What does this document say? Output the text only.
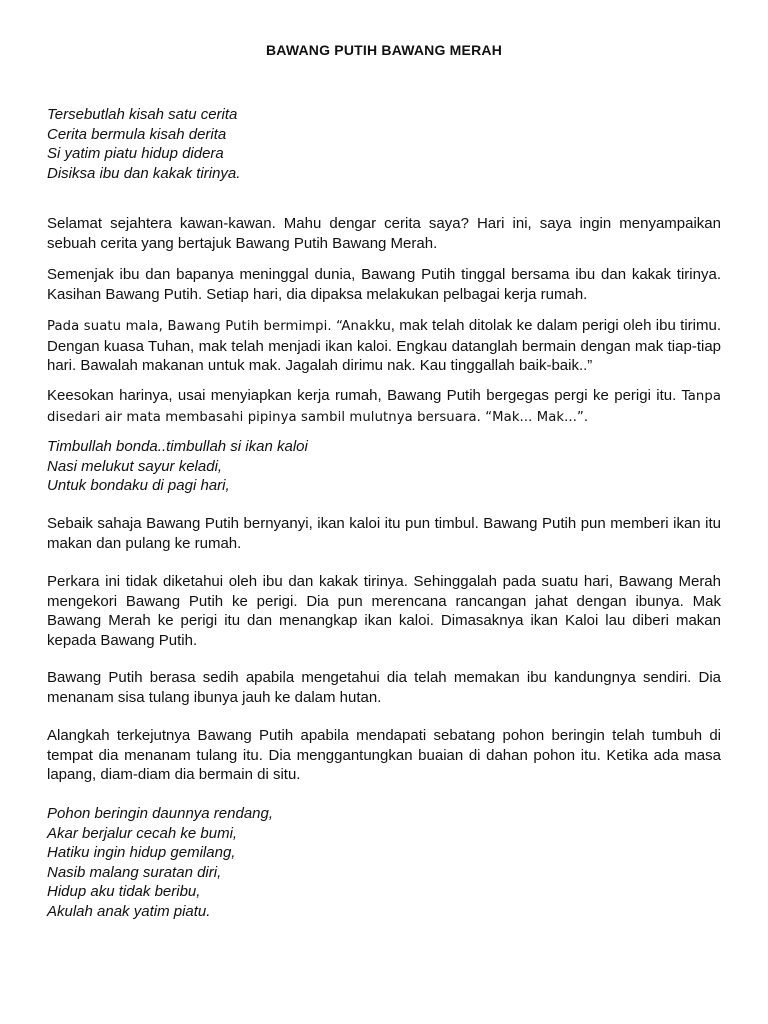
BAWANG PUTIH BAWANG MERAH
Tersebutlah kisah satu cerita
Cerita bermula kisah derita
Si yatim piatu hidup didera
Disiksa ibu dan kakak tirinya.

Selamat sejahtera kawan-kawan. Mahu dengar cerita saya? Hari ini, saya ingin menyampaikan sebuah cerita yang bertajuk Bawang Putih Bawang Merah.

Semenjak ibu dan bapanya meninggal dunia, Bawang Putih tinggal bersama ibu dan kakak tirinya. Kasihan Bawang Putih. Setiap hari, dia dipaksa melakukan pelbagai kerja rumah.

Pada suatu mala, Bawang Putih bermimpi. “Anakku, mak telah ditolak ke dalam perigi oleh ibu tirimu. Dengan kuasa Tuhan, mak telah menjadi ikan kaloi. Engkau datanglah bermain dengan mak tiap-tiap hari. Bawalah makanan untuk mak. Jagalah dirimu nak. Kau tinggallah baik-baik..”

Keesokan harinya, usai menyiapkan kerja rumah, Bawang Putih bergegas pergi ke perigi itu. Tanpa disedari air mata membasahi pipinya sambil mulutnya bersuara. “Mak... Mak...”.

Timbullah bonda..timbullah si ikan kaloi
Nasi melukut sayur keladi,
Untuk bondaku di pagi hari,

Sebaik sahaja Bawang Putih bernyanyi, ikan kaloi itu pun timbul. Bawang Putih pun memberi ikan itu makan dan pulang ke rumah.

Perkara ini tidak diketahui oleh ibu dan kakak tirinya. Sehinggalah pada suatu hari, Bawang Merah mengekori Bawang Putih ke perigi. Dia pun merencana rancangan jahat dengan ibunya. Mak Bawang Merah ke perigi itu dan menangkap ikan kaloi. Dimasaknya ikan Kaloi lau diberi makan kepada Bawang Putih.

Bawang Putih berasa sedih apabila mengetahui dia telah memakan ibu kandungnya sendiri. Dia menanam sisa tulang ibunya jauh ke dalam hutan.

Alangkah terkejutnya Bawang Putih apabila mendapati sebatang pohon beringin telah tumbuh di tempat dia menanam tulang itu. Dia menggantungkan buaian di dahan pohon itu. Ketika ada masa lapang, diam-diam dia bermain di situ.

Pohon beringin daunnya rendang,
Akar berjalur cecah ke bumi,
Hatiku ingin hidup gemilang,
Nasib malang suratan diri,
Hidup aku tidak beribu,
Akulah anak yatim piatu.
